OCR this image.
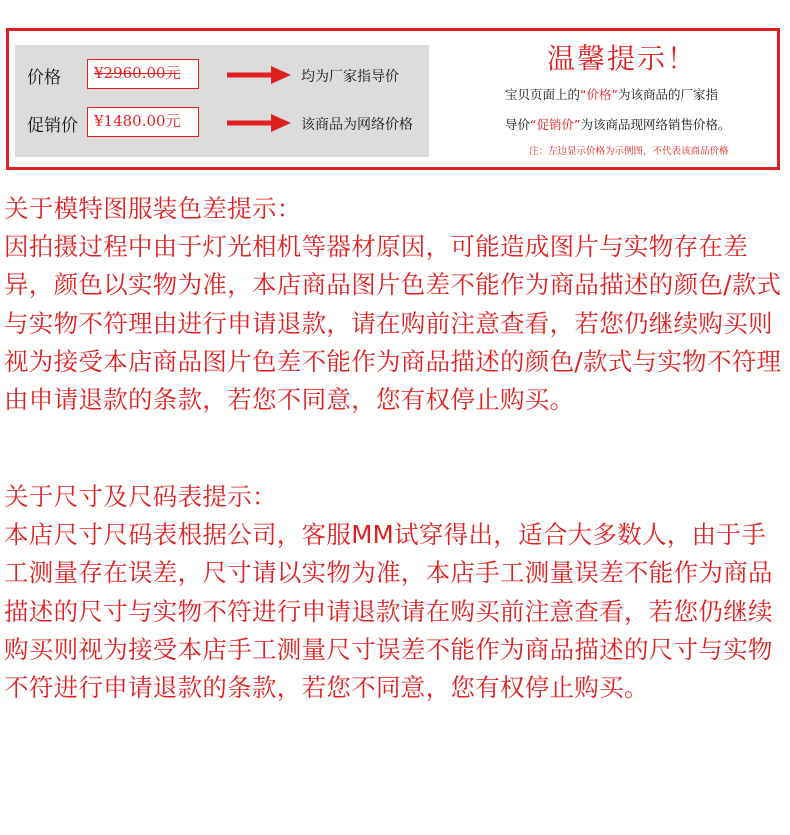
价格	¥2960.00元	均为厂家指导价
促销价	¥1480.00元	该商品为网络价格
温馨提示！
宝贝页面上的“价格”为该商品的厂家指
导价“促销价”为该商品现网络销售价格。
注：左边显示价格为示例图，不代表该商品价格

关于模特图服装色差提示：

因拍摄过程中由于灯光相机等器材原因，可能造成图片与实物存在差异，颜色以实物为准，本店商品图片色差不能作为商品描述的颜色/款式与实物不符理由进行申请退款，请在购前注意查看，若您仍继续购买则视为接受本店商品图片色差不能作为商品描述的颜色/款式与实物不符理由申请退款的条款，若您不同意，您有权停止购买。

关于尺寸及尺码表提示：

本店尺寸尺码表根据公司，客服MM试穿得出，适合大多数人，由于手工测量存在误差，尺寸请以实物为准，本店手工测量误差不能作为商品描述的尺寸与实物不符进行申请退款请在购买前注意查看，若您仍继续购买则视为接受本店手工测量尺寸误差不能作为商品描述的尺寸与实物不符进行申请退款的条款，若您不同意，您有权停止购买。
